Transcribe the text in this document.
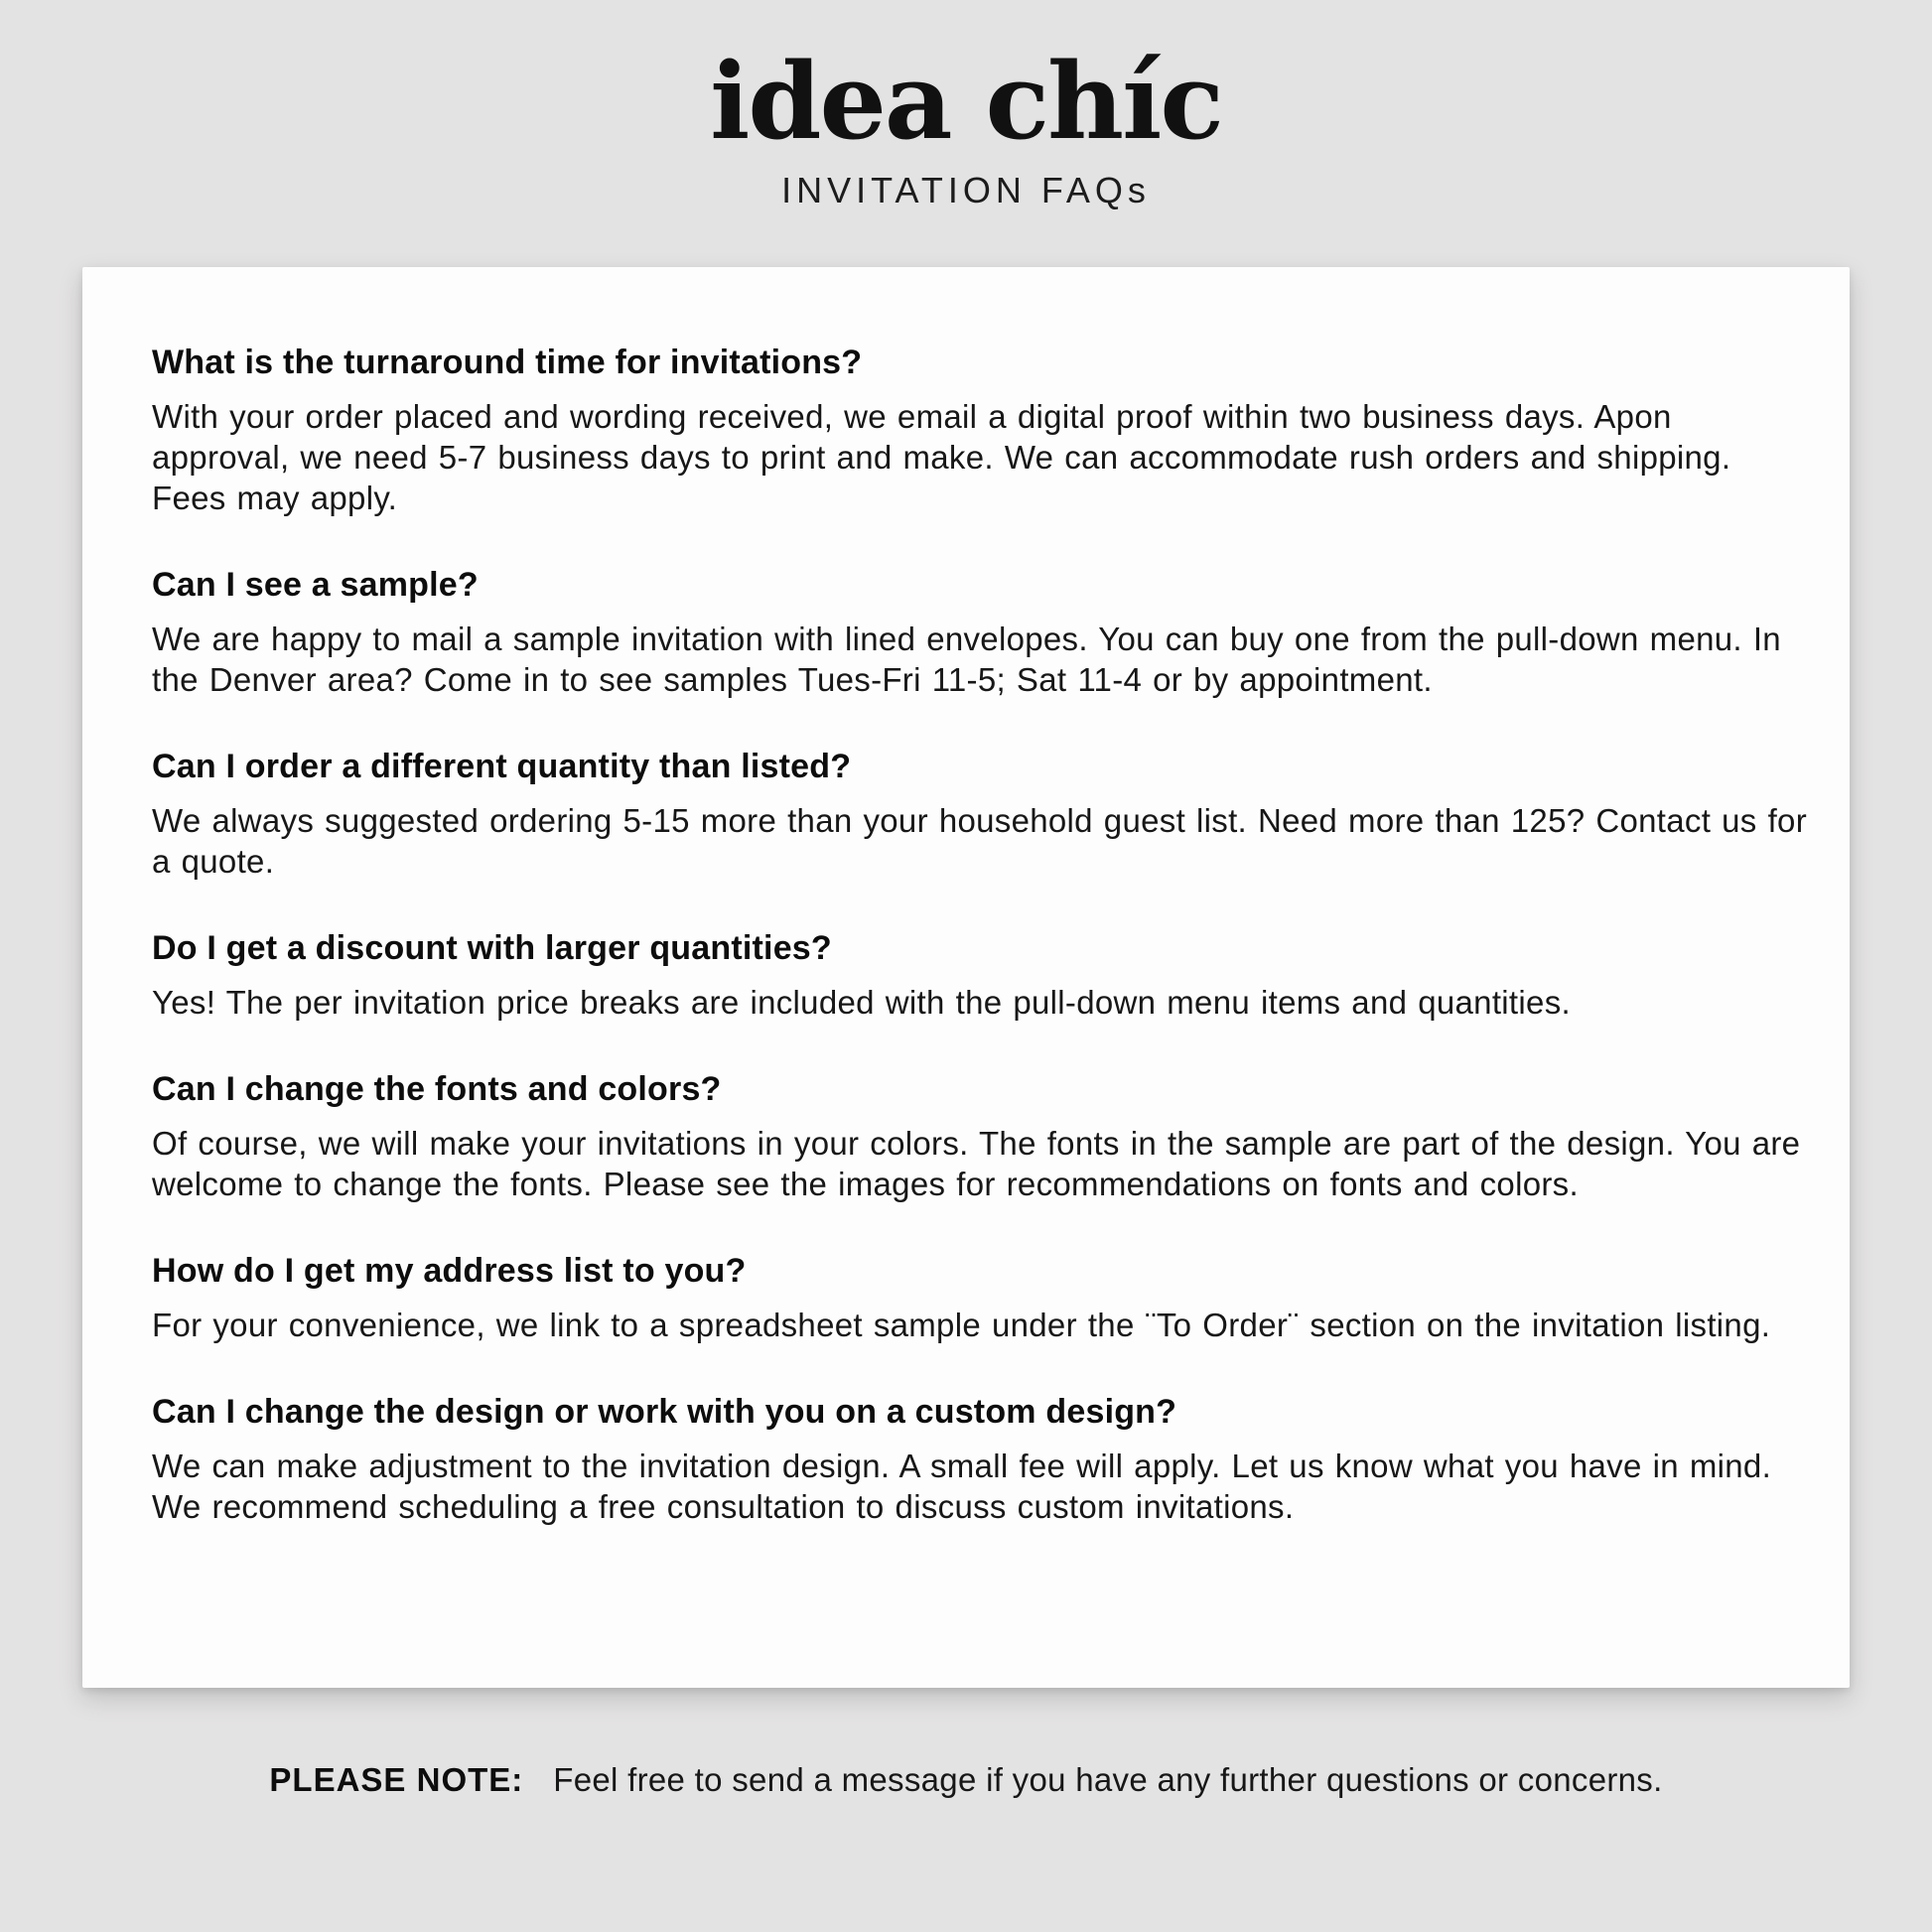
idea chíc
INVITATION FAQs
What is the turnaround time for invitations?
With your order placed and wording received, we email a digital proof within two business days. Apon approval, we need 5-7 business days to print and make. We can accommodate rush orders and shipping. Fees may apply.
Can I see a sample?
We are happy to mail a sample invitation with lined envelopes. You can buy one from the pull-down menu. In the Denver area? Come in to see samples Tues-Fri 11-5; Sat 11-4 or by appointment.
Can I order a different quantity than listed?
We always suggested ordering 5-15 more than your household guest list. Need more than 125? Contact us for a quote.
Do I get a discount with larger quantities?
Yes! The per invitation price breaks are included with the pull-down menu items and quantities.
Can I change the fonts and colors?
Of course, we will make your invitations in your colors. The fonts in the sample are part of the design. You are welcome to change the fonts. Please see the images for recommendations on fonts and colors.
How do I get my address list to you?
For your convenience, we link to a spreadsheet sample under the ¨To Order¨ section on the invitation listing.
Can I change the design or work with you on a custom design?
We can make adjustment to the invitation design. A small fee will apply. Let us know what you have in mind. We recommend scheduling a free consultation to discuss custom invitations.
PLEASE NOTE: Feel free to send a message if you have any further questions or concerns.
